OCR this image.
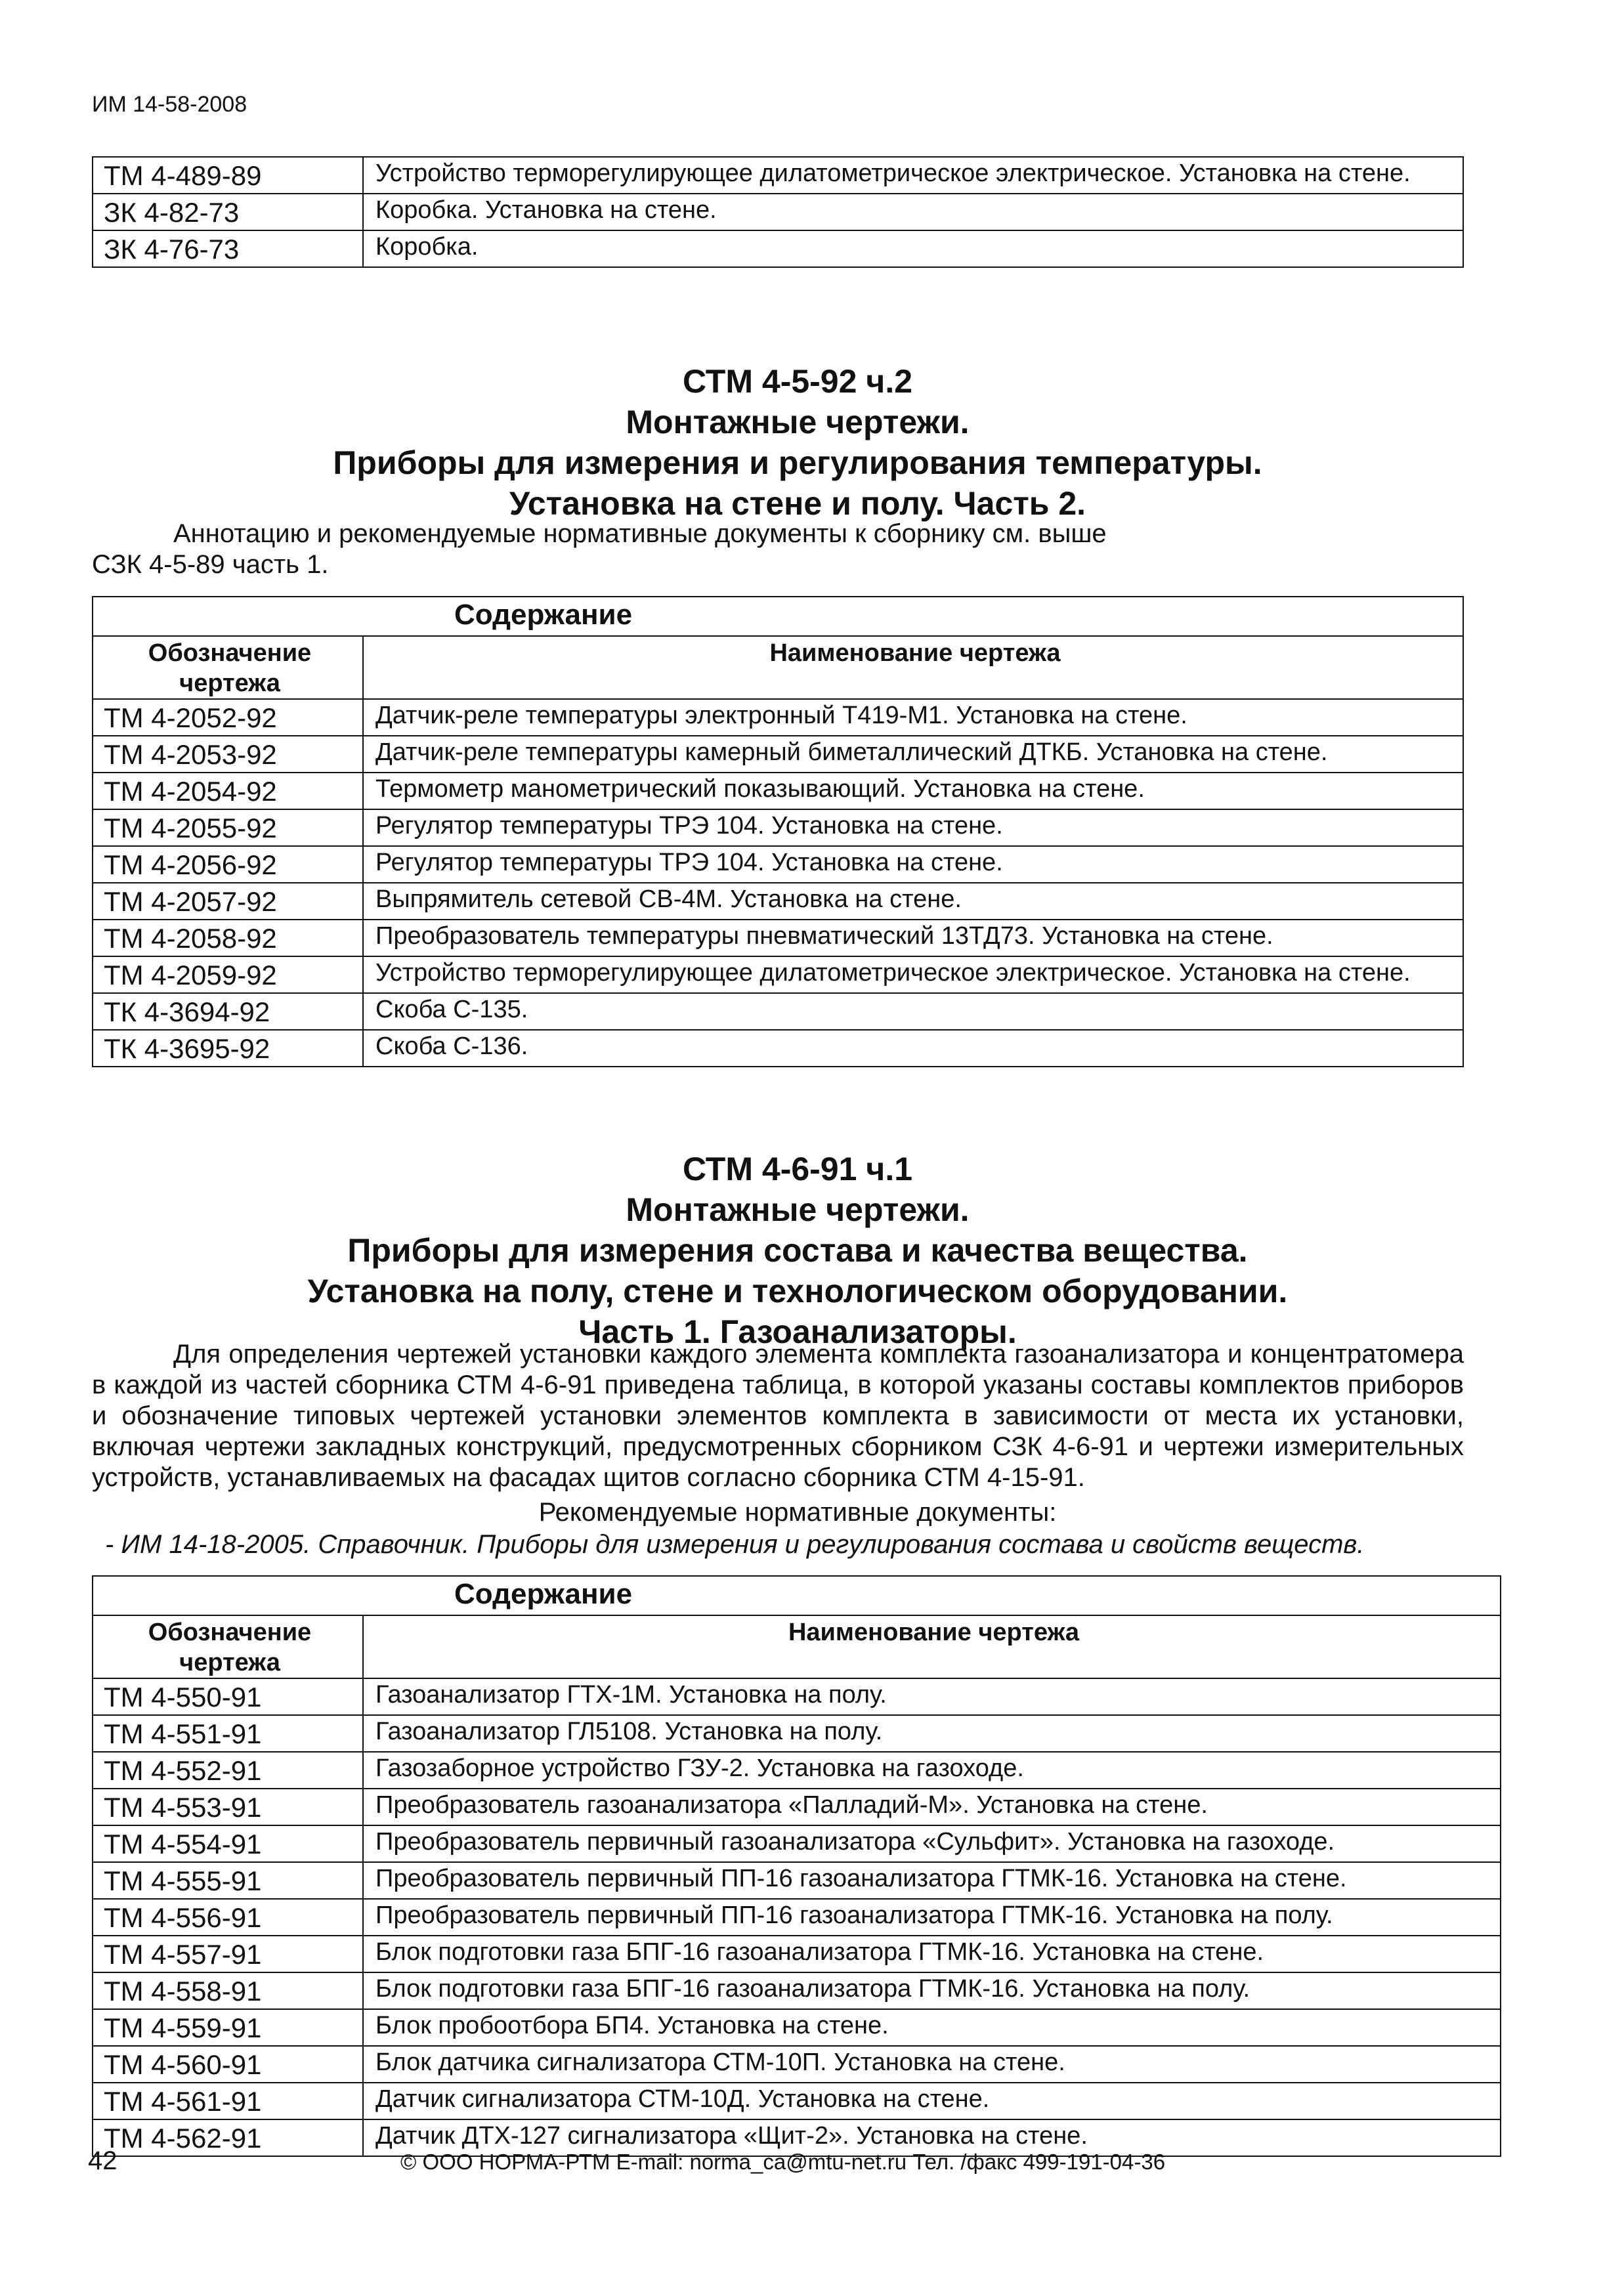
ИМ 14-58-2008
ТМ 4-489-89	Устройство терморегулирующее дилатометрическое электрическое. Установка на стене.
ЗК 4-82-73	Коробка. Установка на стене.
ЗК 4-76-73	Коробка.
СТМ 4-5-92 ч.2
Монтажные чертежи.
Приборы для измерения и регулирования температуры.
Установка на стене и полу. Часть 2.
Аннотацию и рекомендуемые нормативные документы к сборнику см. выше СЗК 4-5-89 часть 1.
Содержание	
Обозначение чертежа	Наименование чертежа
ТМ 4-2052-92	Датчик-реле температуры электронный Т419-М1. Установка на стене.
ТМ 4-2053-92	Датчик-реле температуры камерный биметаллический ДТКБ. Установка на стене.
ТМ 4-2054-92	Термометр манометрический показывающий. Установка на стене.
ТМ 4-2055-92	Регулятор температуры ТРЭ 104. Установка на стене.
ТМ 4-2056-92	Регулятор температуры ТРЭ 104. Установка на стене.
ТМ 4-2057-92	Выпрямитель сетевой СВ-4М. Установка на стене.
ТМ 4-2058-92	Преобразователь температуры пневматический 13ТД73. Установка на стене.
ТМ 4-2059-92	Устройство терморегулирующее дилатометрическое электрическое. Установка на стене.
ТК 4-3694-92	Скоба С-135.
ТК 4-3695-92	Скоба С-136.
СТМ 4-6-91 ч.1
Монтажные чертежи.
Приборы для измерения состава и качества вещества.
Установка на полу, стене и технологическом оборудовании.
Часть 1. Газоанализаторы.
Для определения чертежей установки каждого элемента комплекта газоанализатора и концентратомера в каждой из частей сборника СТМ 4-6-91 приведена таблица, в которой указаны составы комплектов приборов и обозначение типовых чертежей установки элементов комплекта в зависимости от места их установки, включая чертежи закладных конструкций, предусмотренных сборником СЗК 4-6-91 и чертежи измерительных устройств, устанавливаемых на фасадах щитов согласно сборника СТМ 4-15-91.
Рекомендуемые нормативные документы:
- ИМ 14-18-2005. Справочник. Приборы для измерения и регулирования состава и свойств веществ.
Содержание	
Обозначение чертежа	Наименование чертежа
ТМ 4-550-91	Газоанализатор ГТХ-1М. Установка на полу.
ТМ 4-551-91	Газоанализатор ГЛ5108. Установка на полу.
ТМ 4-552-91	Газозаборное устройство ГЗУ-2. Установка на газоходе.
ТМ 4-553-91	Преобразователь газоанализатора «Палладий-М». Установка на стене.
ТМ 4-554-91	Преобразователь первичный газоанализатора «Сульфит». Установка на газоходе.
ТМ 4-555-91	Преобразователь первичный ПП-16 газоанализатора ГТМК-16. Установка на стене.
ТМ 4-556-91	Преобразователь первичный ПП-16 газоанализатора ГТМК-16. Установка на полу.
ТМ 4-557-91	Блок подготовки газа БПГ-16 газоанализатора ГТМК-16. Установка на стене.
ТМ 4-558-91	Блок подготовки газа БПГ-16 газоанализатора ГТМК-16. Установка на полу.
ТМ 4-559-91	Блок пробоотбора БП4. Установка на стене.
ТМ 4-560-91	Блок датчика сигнализатора СТМ-10П. Установка на стене.
ТМ 4-561-91	Датчик сигнализатора СТМ-10Д. Установка на стене.
ТМ 4-562-91	Датчик ДТХ-127 сигнализатора «Щит-2». Установка на стене.
42	© ООО НОРМА-РТМ E-mail: norma_ca@mtu-net.ru Тел. /факс 499-191-04-36
